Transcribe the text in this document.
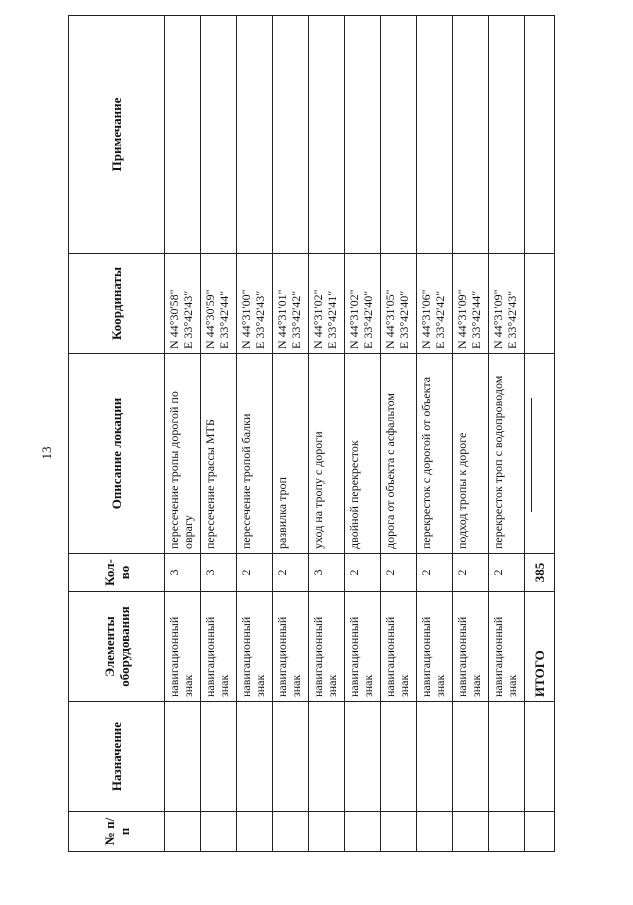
13
№ п/п	Назначение	Элементы оборудования	Кол-во	Описание локации	Координаты	Примечание
		навигационный знак	3	пересечение тропы дорогой по оврагу	N 44°30'58" E 33°42'43"	

		навигационный знак	3	пересечение трассы МТБ	N 44°30'59" E 33°42'44"	

		навигационный знак	2	пересечение тропой балки	N 44°31'00" E 33°42'43"	

		навигационный знак	2	развилка троп	N 44°31'01" E 33°42'42"	

		навигационный знак	3	уход на тропу с дороги	N 44°31'02" E 33°42'41"	

		навигационный знак	2	двойной перекресток	N 44°31'02" E 33°42'40"	

		навигационный знак	2	дорога от объекта с асфальтом	N 44°31'05" E 33°42'40"	

		навигационный знак	2	перекресток с дорогой от объекта	N 44°31'06" E 33°42'42"	

		навигационный знак	2	подход тропы к дороге	N 44°31'09" E 33°42'44"	

		навигационный знак	2	перекресток троп с водопроводом	N 44°31'09" E 33°42'43"	

		ИТОГО	385			
